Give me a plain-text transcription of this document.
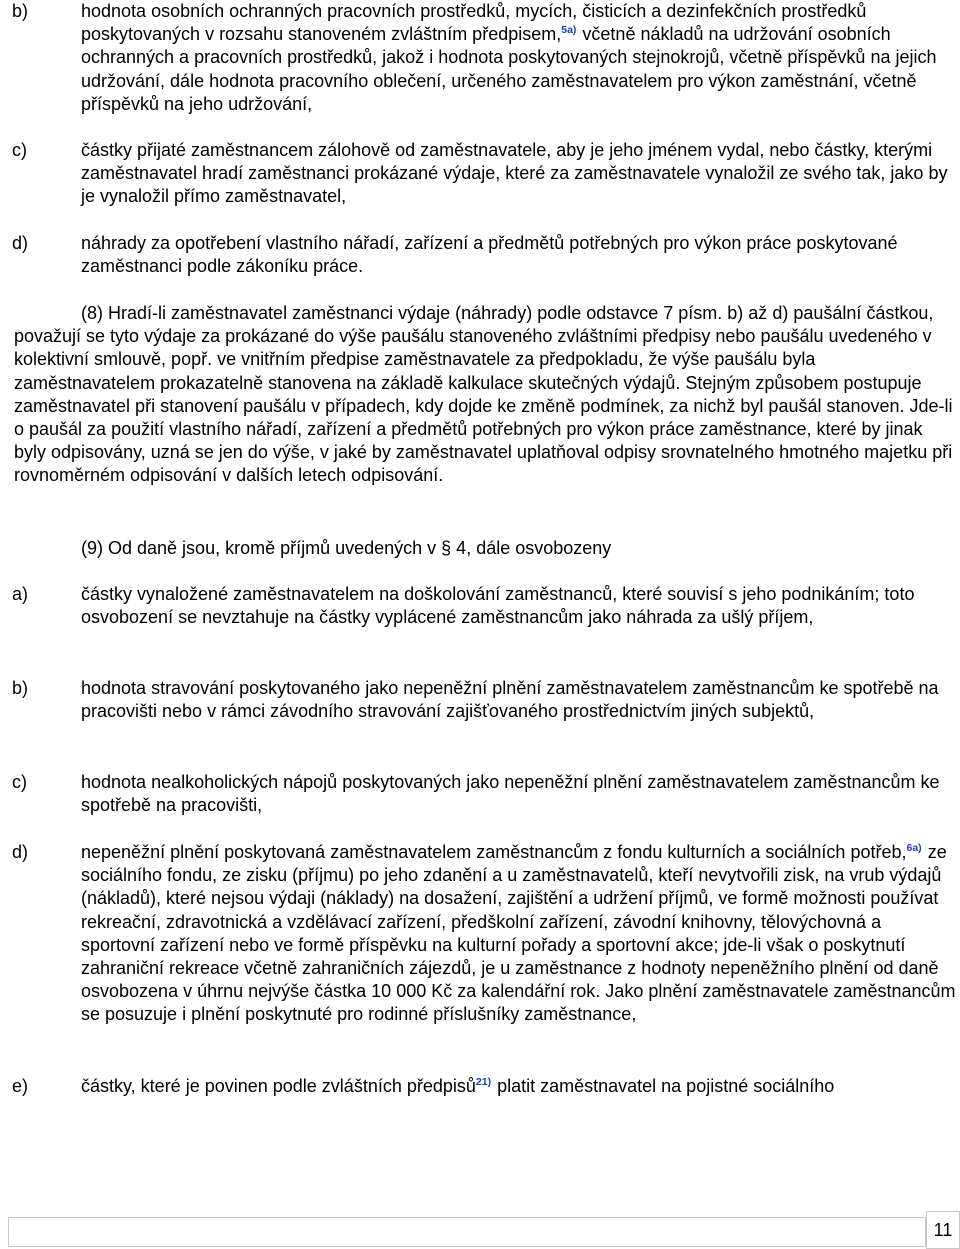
b)	hodnota osobních ochranných pracovních prostředků, mycích, čisticích a dezinfekčních prostředků poskytovaných v rozsahu stanoveném zvláštním předpisem,$^{5a)}$ včetně nákladů na udržování osobních ochranných a pracovních prostředků, jakož i hodnota poskytovaných stejnokrojů, včetně příspěvků na jejich udržování, dále hodnota pracovního oblečení, určeného zaměstnavatelem pro výkon zaměstnání, včetně příspěvků na jeho udržování,
c)	částky přijaté zaměstnancem zálohově od zaměstnavatele, aby je jeho jménem vydal, nebo částky, kterými zaměstnavatel hradí zaměstnanci prokázané výdaje, které za zaměstnavatele vynaložil ze svého tak, jako by je vynaložil přímo zaměstnavatel,
d)	náhrady za opotřebení vlastního nářadí, zařízení a předmětů potřebných pro výkon práce poskytované zaměstnanci podle zákoníku práce.
(8) Hradí-li zaměstnavatel zaměstnanci výdaje (náhrady) podle odstavce 7 písm. b) až d) paušální částkou, považují se tyto výdaje za prokázané do výše paušálu stanoveného zvláštními předpisy nebo paušálu uvedeného v kolektivní smlouvě, popř. ve vnitřním předpise zaměstnavatele za předpokladu, že výše paušálu byla zaměstnavatelem prokazatelně stanovena na základě kalkulace skutečných výdajů. Stejným způsobem postupuje zaměstnavatel při stanovení paušálu v případech, kdy dojde ke změně podmínek, za nichž byl paušál stanoven. Jde-li o paušál za použití vlastního nářadí, zařízení a předmětů potřebných pro výkon práce zaměstnance, které by jinak byly odpisovány, uzná se jen do výše, v jaké by zaměstnavatel uplatňoval odpisy srovnatelného hmotného majetku při rovnoměrném odpisování v dalších letech odpisování.
(9) Od daně jsou, kromě příjmů uvedených v § 4, dále osvobozeny
a)	částky vynaložené zaměstnavatelem na doškolování zaměstnanců, které souvisí s jeho podnikáním; toto osvobození se nevztahuje na částky vyplácené zaměstnancům jako náhrada za ušlý příjem,
b)	hodnota stravování poskytovaného jako nepeněžní plnění zaměstnavatelem zaměstnancům ke spotřebě na pracovišti nebo v rámci závodního stravování zajišťovaného prostřednictvím jiných subjektů,
c)	hodnota nealkoholických nápojů poskytovaných jako nepeněžní plnění zaměstnavatelem zaměstnancům ke spotřebě na pracovišti,
d)	nepeněžní plnění poskytovaná zaměstnavatelem zaměstnancům z fondu kulturních a sociálních potřeb,$^{6a)}$ ze sociálního fondu, ze zisku (příjmu) po jeho zdanění a u zaměstnavatelů, kteří nevytvořili zisk, na vrub výdajů (nákladů), které nejsou výdaji (náklady) na dosažení, zajištění a udržení příjmů, ve formě možnosti používat rekreační, zdravotnická a vzdělávací zařízení, předškolní zařízení, závodní knihovny, tělovýchovná a sportovní zařízení nebo ve formě příspěvku na kulturní pořady a sportovní akce; jde-li však o poskytnutí zahraniční rekreace včetně zahraničních zájezdů, je u zaměstnance z hodnoty nepeněžního plnění od daně osvobozena v úhrnu nejvýše částka 10 000 Kč za kalendářní rok. Jako plnění zaměstnavatele zaměstnancům se posuzuje i plnění poskytnuté pro rodinné příslušníky zaměstnance,
e)	částky, které je povinen podle zvláštních předpisů$^{21)}$ platit zaměstnavatel na pojistné sociálního
11
